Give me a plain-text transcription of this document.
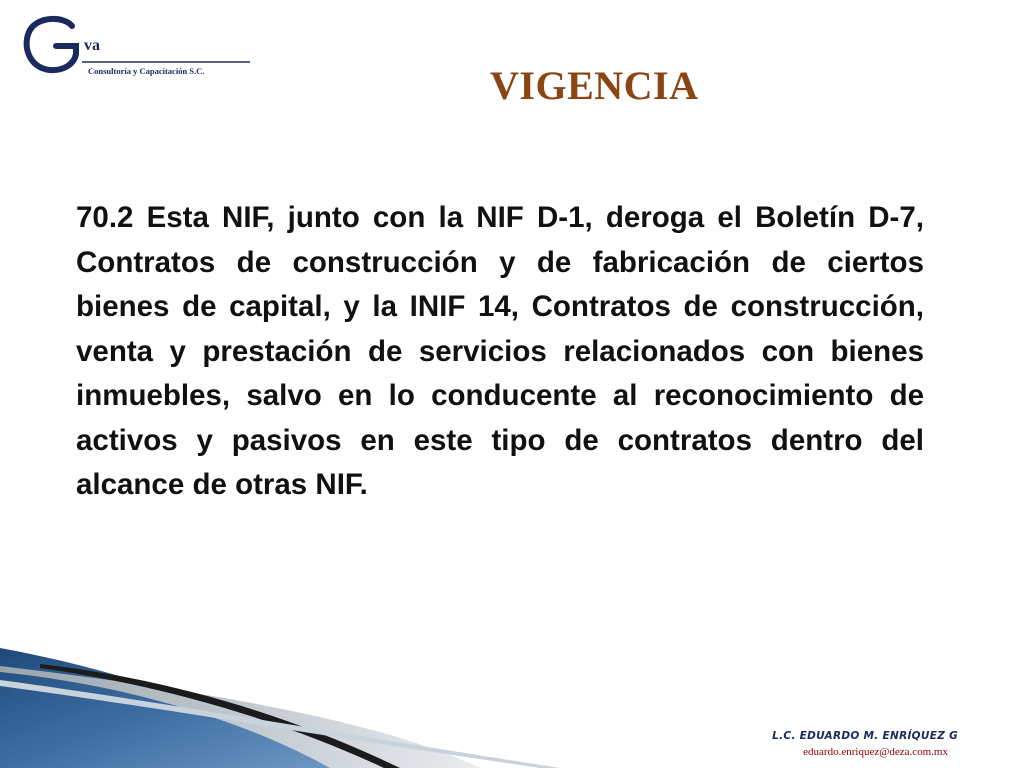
va
Consultoría y Capacitación S.C.	VIGENCIA

70.2 Esta NIF, junto con la NIF D-1, deroga el Boletín D-7, Contratos de construcción y de fabricación de ciertos bienes de capital, y la INIF 14, Contratos de construcción, venta y prestación de servicios relacionados con bienes inmuebles, salvo en lo conducente al reconocimiento de activos y pasivos en este tipo de contratos dentro del alcance de otras NIF.

L.C. EDUARDO M. ENRÍQUEZ G
eduardo.enriquez@deza.com.mx
